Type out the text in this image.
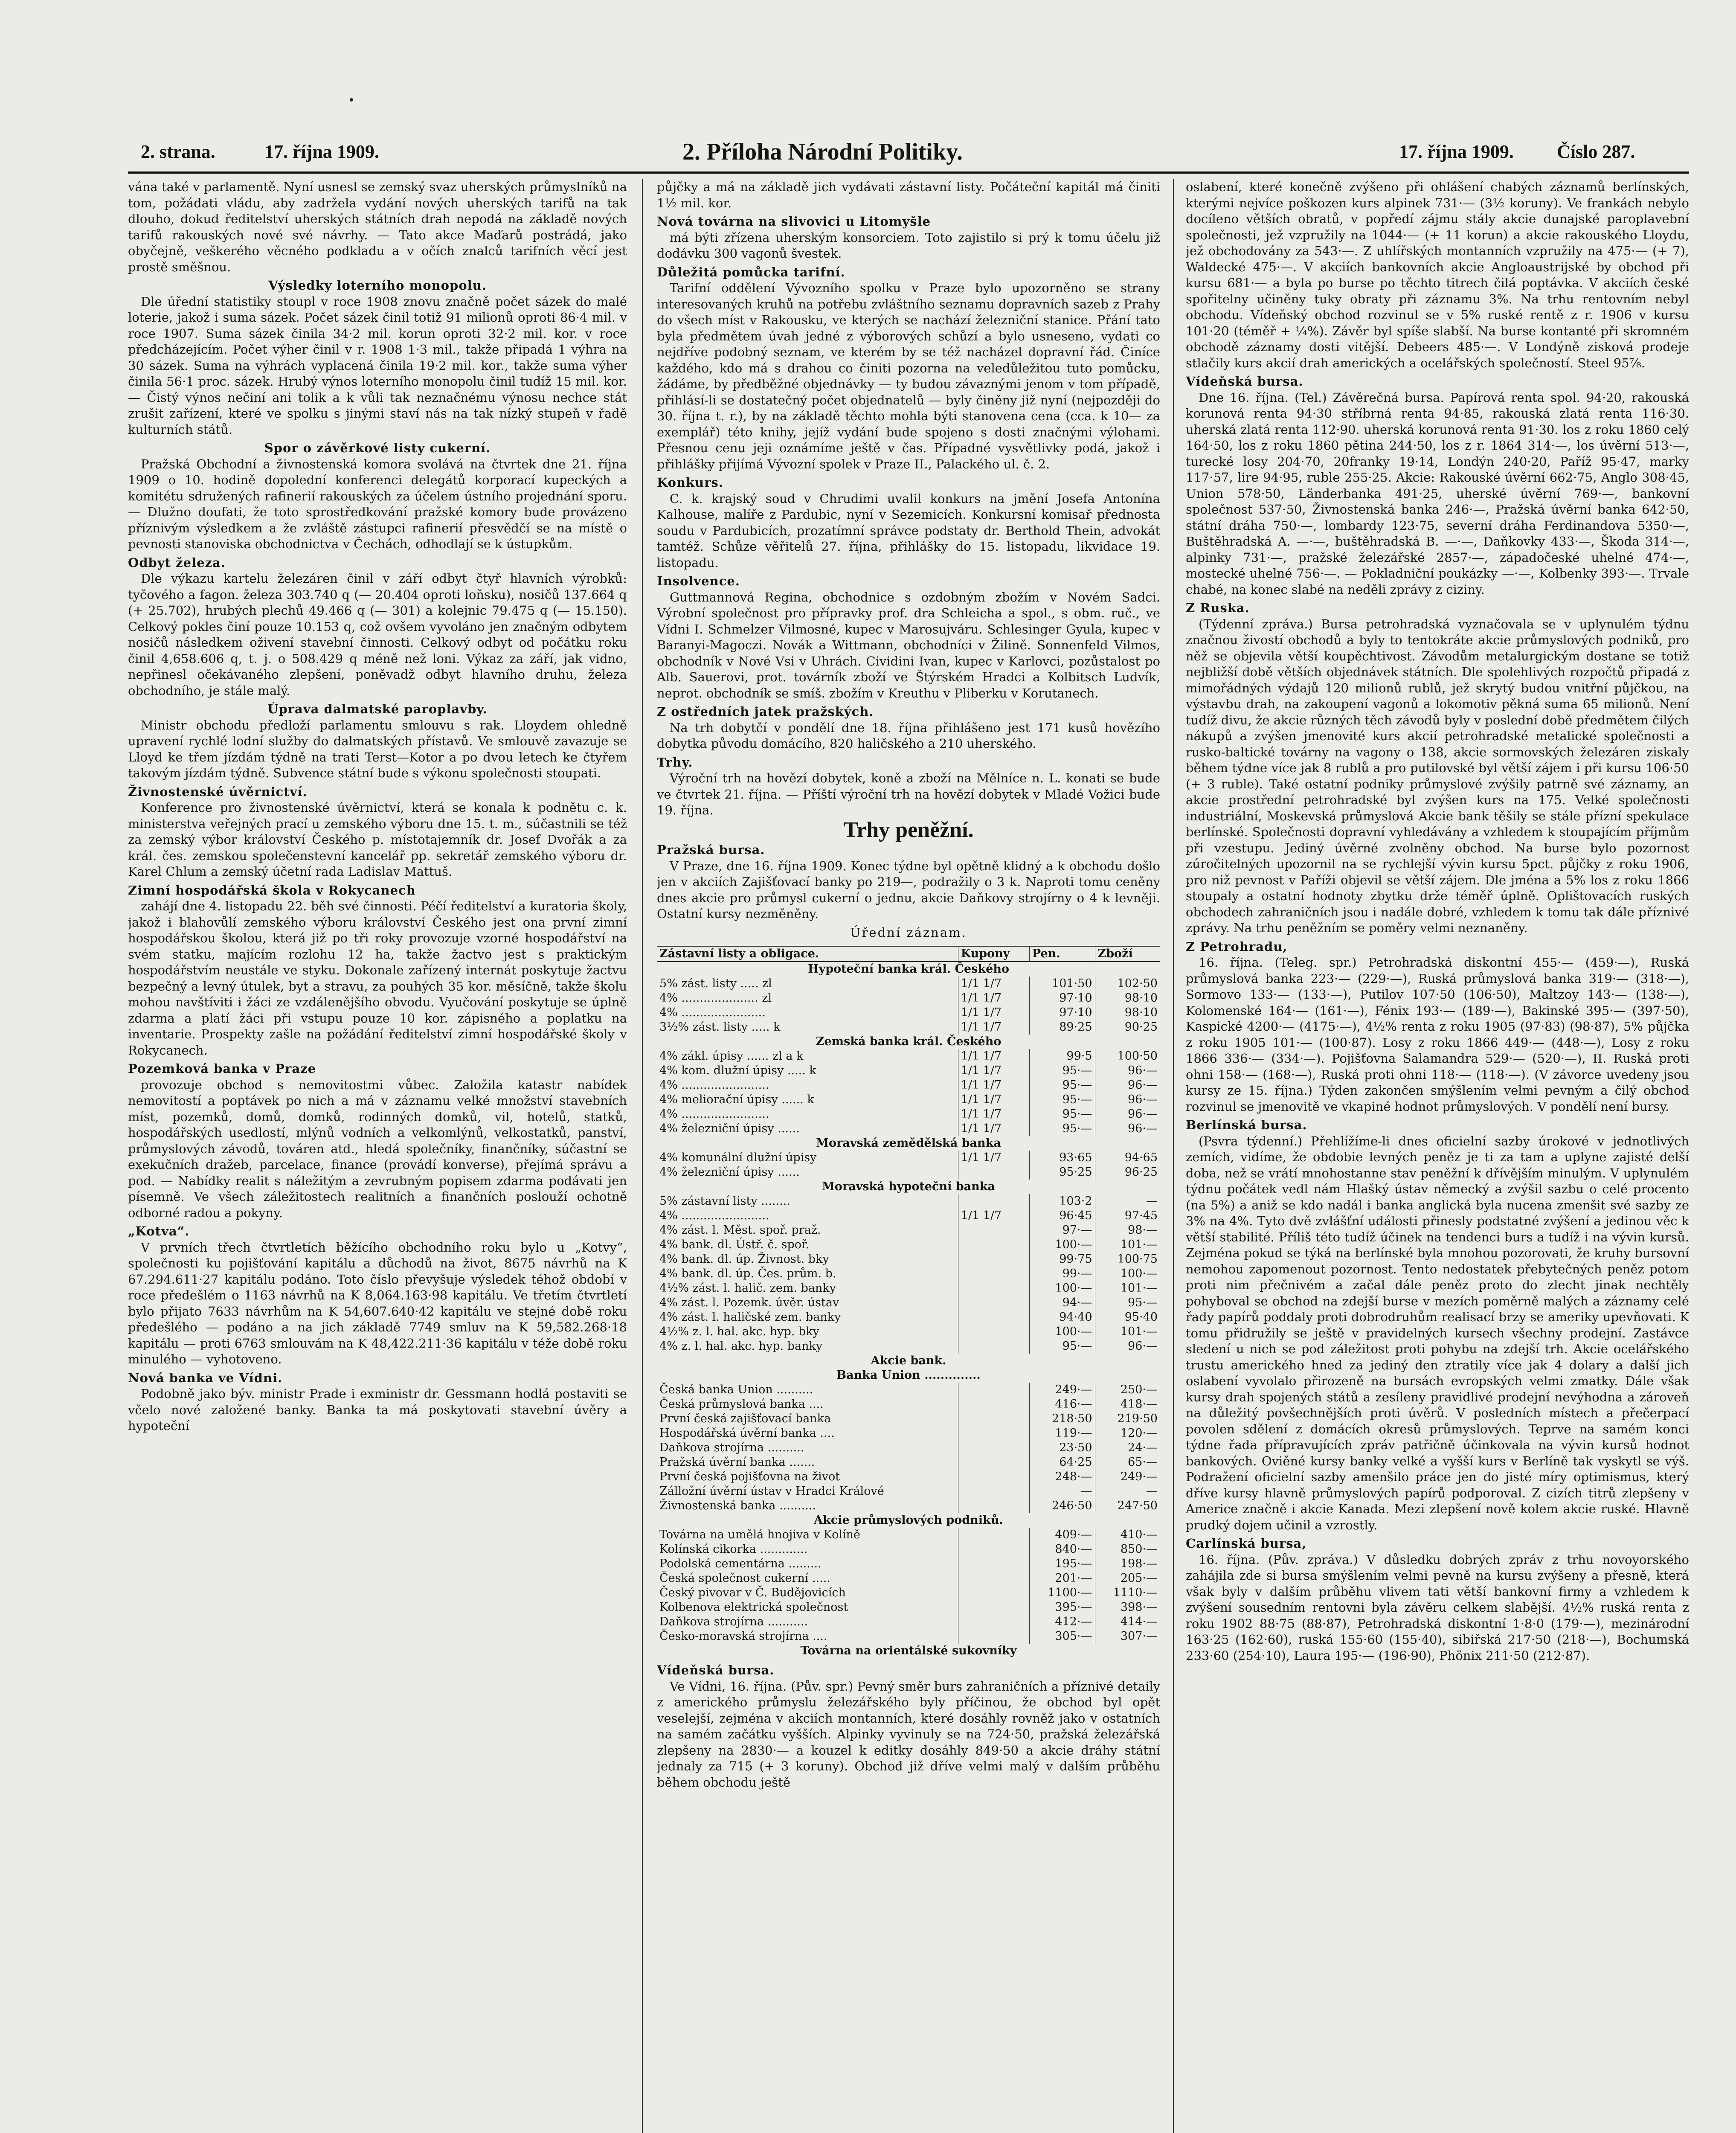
2. strana.	17. října 1909.	2. Příloha Národní Politiky.	17. října 1909. Číslo 287.

vána také v parlamentě. Nyní usnesl se zemský svaz uherských průmyslníků na tom, požádati vládu, aby zadržela vydání nových uherských tarifů na tak dlouho, dokud ředitelství uherských státních drah nepodá na základě nových tarifů rakouských nové své návrhy. — Tato akce Maďarů postrádá, jako obyčejně, veškerého věcného podkladu a v očích znalců tarifních věcí jest prostě směšnou.

Výsledky loterního monopolu.

Dle úřední statistiky stoupl v roce 1908 znovu značně počet sázek do malé loterie, jakož i suma sázek. Počet sázek činil totiž 91 milionů oproti 86·4 mil. v roce 1907. Suma sázek činila 34·2 mil. korun oproti 32·2 mil. kor. v roce předcházejícím. Počet výher činil v r. 1908 1·3 mil., takže připadá 1 výhra na 30 sázek. Suma na výhrách vyplacená činila 19·2 mil. kor., takže suma výher činila 56·1 proc. sázek. Hrubý výnos loterního monopolu činil tudíž 15 mil. kor. — Čistý výnos nečiní ani tolik a k vůli tak neznačnému výnosu nechce stát zrušit zařízení, které ve spolku s jinými staví nás na tak nízký stupeň v řadě kulturních států.

Spor o závěrkové listy cukerní.

Pražská Obchodní a živnostenská komora svolává na čtvrtek dne 21. října 1909 o 10. hodině dopolední konferenci delegátů korporací kupeckých a komitétu sdružených rafinerií rakouských za účelem ústního projednání sporu. — Dlužno doufati, že toto sprostředkování pražské komory bude provázeno příznivým výsledkem a že zvláště zástupci rafinerií přesvědčí se na místě o pevnosti stanoviska obchodnictva v Čechách, odhodlají se k ústupkům.

Odbyt železa.

Dle výkazu kartelu železáren činil v září odbyt čtyř hlavních výrobků: tyčového a fagon. železa 303.740 q (— 20.404 oproti loňsku), nosičů 137.664 q (+ 25.702), hrubých plechů 49.466 q (— 301) a kolejnic 79.475 q (— 15.150). Celkový pokles činí pouze 10.153 q, což ovšem vyvoláno jen značným odbytem nosičů následkem oživení stavební činnosti. Celkový odbyt od počátku roku činil 4,658.606 q, t. j. o 508.429 q méně než loni. Výkaz za září, jak vidno, nepřinesl očekávaného zlepšení, poněvadž odbyt hlavního druhu, železa obchodního, je stále malý.

Úprava dalmatské paroplavby.

Ministr obchodu předloží parlamentu smlouvu s rak. Lloydem ohledně upravení rychlé lodní služby do dalmatských přístavů. Ve smlouvě zavazuje se Lloyd ke třem jízdám týdně na trati Terst—Kotor a po dvou letech ke čtyřem takovým jízdám týdně. Subvence státní bude s výkonu společnosti stoupati.

Živnostenské úvěrnictví.

Konference pro živnostenské úvěrnictví, která se konala k podnětu c. k. ministerstva veřejných prací u zemského výboru dne 15. t. m., súčastnili se též za zemský výbor království Českého p. místotajemník dr. Josef Dvořák a za král. čes. zemskou společenstevní kancelář pp. sekretář zemského výboru dr. Karel Chlum a zemský účetní rada Ladislav Mattuš.

Zimní hospodářská škola v Rokycanech

zahájí dne 4. listopadu 22. běh své činnosti. Péčí ředitelství a kuratoria školy, jakož i blahovůlí zemského výboru království Českého jest ona první zimní hospodářskou školou, která již po tři roky provozuje vzorné hospodářství na svém statku, majícím rozlohu 12 ha, takže žactvo jest s praktickým hospodářstvím neustále ve styku. Dokonale zařízený internát poskytuje žactvu bezpečný a levný útulek, byt a stravu, za pouhých 35 kor. měsíčně, takže školu mohou navštíviti i žáci ze vzdálenějšího obvodu. Vyučování poskytuje se úplně zdarma a platí žáci při vstupu pouze 10 kor. zápisného a poplatku na inventarie. Prospekty zašle na požádání ředitelství zimní hospodářské školy v Rokycanech.

Pozemková banka v Praze

provozuje obchod s nemovitostmi vůbec. Založila katastr nabídek nemovitostí a poptávek po nich a má v záznamu velké množství stavebních míst, pozemků, domů, domků, rodinných domků, vil, hotelů, statků, hospodářských usedlostí, mlýnů vodních a velkomlýnů, velkostatků, panství, průmyslových závodů, továren atd., hledá společníky, finančníky, súčastní se exekučních dražeb, parcelace, finance (provádí konverse), přejímá správu a pod. — Nabídky realit s náležitým a zevrubným popisem zdarma podávati jen písemně. Ve všech záležitostech realitních a finančních poslouží ochotně odborné radou a pokyny.

„Kotva“.

V prvních třech čtvrtletích běžícího obchodního roku bylo u „Kotvy“, společnosti ku pojišťování kapitálu a důchodů na život, 8675 návrhů na K 67.294.611·27 kapitálu podáno. Toto číslo převyšuje výsledek téhož období v roce předešlém o 1163 návrhů na K 8,064.163·98 kapitálu. Ve třetím čtvrtletí bylo přijato 7633 návrhům na K 54,607.640·42 kapitálu ve stejné době roku předešlého — podáno a na jich základě 7749 smluv na K 59,582.268·18 kapitálu — proti 6763 smlouvám na K 48,422.211·36 kapitálu v téže době roku minulého — vyhotoveno.

Nová banka ve Vídni.

Podobně jako býv. ministr Prade i exministr dr. Gessmann hodlá postaviti se včelo nové založené banky. Banka ta má poskytovati stavební úvěry a hypoteční

půjčky a má na základě jich vydávati zástavní listy. Počáteční kapitál má činiti 1½ mil. kor.

Nová továrna na slivovici u Litomyšle

má býti zřízena uherským konsorciem. Toto zajistilo si prý k tomu účelu již dodávku 300 vagonů švestek.

Důležitá pomůcka tarifní.

Tarifní oddělení Vývozního spolku v Praze bylo upozorněno se strany interesovaných kruhů na potřebu zvláštního seznamu dopravních sazeb z Prahy do všech míst v Rakousku, ve kterých se nachází železniční stanice. Přání tato byla předmětem úvah jedné z výborových schůzí a bylo usneseno, vydati co nejdříve podobný seznam, ve kterém by se též nacházel dopravní řád. Činíce každého, kdo má s drahou co činiti pozorna na veledůležitou tuto pomůcku, žádáme, by předběžné objednávky — ty budou závaznými jenom v tom případě, přihlásí-li se dostatečný počet objednatelů — byly činěny již nyní (nejpozději do 30. října t. r.), by na základě těchto mohla býti stanovena cena (cca. k 10— za exemplář) této knihy, jejíž vydání bude spojeno s dosti značnými výlohami. Přesnou cenu jeji oznámíme ještě v čas. Případné vysvětlivky podá, jakož i přihlášky přijímá Vývozní spolek v Praze II., Palackého ul. č. 2.

Konkurs.

C. k. krajský soud v Chrudimi uvalil konkurs na jmění Josefa Antonína Kalhouse, malíře z Pardubic, nyní v Sezemicích. Konkursní komisař přednosta soudu v Pardubicích, prozatímní správce podstaty dr. Berthold Thein, advokát tamtéž. Schůze věřitelů 27. října, přihlášky do 15. listopadu, likvidace 19. listopadu.

Insolvence.

Guttmannová Regina, obchodnice s ozdobným zbožím v Novém Sadci. Výrobní společnost pro přípravky prof. dra Schleicha a spol., s obm. ruč., ve Vídni I. Schmelzer Vilmosné, kupec v Marosujváru. Schlesinger Gyula, kupec v Baranyi-Magoczi. Novák a Wittmann, obchodníci v Žilině. Sonnenfeld Vilmos, obchodník v Nové Vsi v Uhrách. Cividini Ivan, kupec v Karlovci, pozůstalost po Alb. Sauerovi, prot. továrník zboží ve Štýrském Hradci a Kolbitsch Ludvík, neprot. obchodník se smíš. zbožím v Kreuthu v Pliberku v Korutanech.

Z ostředních jatek pražských.

Na trh dobytčí v pondělí dne 18. října přihlášeno jest 171 kusů hovězího dobytka původu domácího, 820 haličského a 210 uherského.

Trhy.

Výroční trh na hovězí dobytek, koně a zboží na Mělníce n. L. konati se bude ve čtvrtek 21. října. — Příští výroční trh na hovězí dobytek v Mladé Vožici bude 19. října.

Trhy peněžní.
Pražská bursa.

V Praze, dne 16. října 1909. Konec týdne byl opětně klidný a k obchodu došlo jen v akciích Zajišťovací banky po 219—, podražily o 3 k. Naproti tomu ceněny dnes akcie pro průmysl cukerní o jednu, akcie Daňkovy strojírny o 4 k levněji. Ostatní kursy nezměněny.

Úřední záznam.
Zástavní listy a obligace.	Kupony	Pen.	Zboží
Hypoteční banka král. Českého			
5% zást. listy ..... zl	1/1 1/7	101·50	102·50
4% ..................... zl	1/1 1/7	97·10	98·10
4% .......................	1/1 1/7	97·10	98·10
3½% zást. listy ..... k	1/1 1/7	89·25	90·25
Zemská banka král. Českého			
4% zákl. úpisy ...... zl a k	1/1 1/7	99·5	100·50
4% kom. dlužní úpisy ..... k	1/1 1/7	95·—	96·—
4% ........................	1/1 1/7	95·—	96·—
4% meliorační úpisy ...... k	1/1 1/7	95·—	96·—
4% ........................	1/1 1/7	95·—	96·—
4% železniční úpisy ......	1/1 1/7	95·—	96·—
Moravská zemědělská banka			
4% komunální dlužní úpisy	1/1 1/7	93·65	94·65
4% železniční úpisy ......		95·25	96·25
Moravská hypoteční banka			
5% zástavní listy ........		103·2	—
4% ........................	1/1 1/7	96·45	97·45
4% zást. l. Měst. spoř. praž.		97·—	98·—
4% bank. dl. Ústř. č. spoř.		100·—	101·—
4% bank. dl. úp. Živnost. bky		99·75	100·75
4% bank. dl. úp. Čes. prům. b.		99·—	100·—
4½% zást. l. halič. zem. banky		100·—	101·—
4% zást. l. Pozemk. úvěr. ústav		94·—	95·—
4% zást. l. haličské zem. banky		94·40	95·40
4½% z. l. hal. akc. hyp. bky		100·—	101·—
4% z. l. hal. akc. hyp. banky		95·—	96·—
Akcie bank.			
Banka Union ..............			
Česká banka Union ..........		249·—	250·—
Česká průmyslová banka ....		416·—	418·—
První česká zajišťovací banka		218·50	219·50
Hospodářská úvěrní banka ....		119·—	120·—
Daňkova strojírna ..........		23·50	24·—
Pražská úvěrní banka .......		64·25	65·—
První česká pojišťovna na život		248·—	249·—
Zálložní úvěrní ústav v Hradci Králové		—	—
Živnostenská banka ..........		246·50	247·50
Akcie průmyslových podniků.			
Továrna na umělá hnojiva v Kolíně		409·—	410·—
Kolínská cikorka .............		840·—	850·—
Podolská cementárna .........		195·—	198·—
Česká společnost cukerní .....		201·—	205·—
Český pivovar v Č. Budějovicích		1100·—	1110·—
Kolbenova elektrická společnost		395·—	398·—
Daňkova strojírna ...........		412·—	414·—
Česko-moravská strojírna ....		305·—	307·—
Továrna na orientálské sukovníky			
Vídeňská bursa.

Ve Vídni, 16. října. (Pův. spr.) Pevný směr burs zahraničních a příznivé detaily z amerického průmyslu železářského byly příčinou, že obchod byl opět veselejší, zejména v akciích montanních, které dosáhly rovněž jako v ostatních na samém začátku vyšších. Alpinky vyvinuly se na 724·50, pražská železářská zlepšeny na 2830·— a kouzel k editky dosáhly 849·50 a akcie dráhy státní jednaly za 715 (+ 3 koruny). Obchod již dříve velmi malý v dalším průběhu během obchodu ještě

oslabení, které konečně zvýšeno při ohlášení chabých záznamů berlínských, kterými nejvíce poškozen kurs alpinek 731·— (3½ koruny). Ve frankách nebylo docíleno větších obratů, v popředí zájmu stály akcie dunajské paroplavební společnosti, jež vzpružily na 1044·— (+ 11 korun) a akcie rakouského Lloydu, jež obchodovány za 543·—. Z uhlířských montanních vzpružily na 475·— (+ 7), Waldecké 475·—. V akciích bankovních akcie Angloaustrijské by obchod při kursu 681·— a byla po burse po těchto titrech čilá poptávka. V akciích české spořitelny učiněny tuky obraty při záznamu 3%. Na trhu rentovním nebyl obchodu. Vídeňský obchod rozvinul se v 5% ruské rentě z r. 1906 v kursu 101·20 (téměř + ¼%). Závěr byl spíše slabší. Na burse kontanté při skromném obchodě záznamy dosti vitější. Debeers 485·—. V Londýně zisková prodeje stlačily kurs akcií drah amerických a ocelářských společností. Steel 95⅞.

Vídeňská bursa.

Dne 16. října. (Tel.) Závěrečná bursa. Papírová renta spol. 94·20, rakouská korunová renta 94·30 stříbrná renta 94·85, rakouská zlatá renta 116·30. uherská zlatá renta 112·90. uherská korunová renta 91·30. los z roku 1860 celý 164·50, los z roku 1860 pětina 244·50, los z r. 1864 314·—, los úvěrní 513·—, turecké losy 204·70, 20franky 19·14, Londýn 240·20, Paříž 95·47, marky 117·57, lire 94·95, ruble 255·25. Akcie: Rakouské úvěrní 662·75, Anglo 308·45, Union 578·50, Länderbanka 491·25, uherské úvěrní 769·—, bankovní společnost 537·50, Živnostenská banka 246·—, Pražská úvěrní banka 642·50, státní dráha 750·—, lombardy 123·75, severní dráha Ferdinandova 5350·—, Buštěhradská A. —·—, buštěhradská B. —·—, Daňkovky 433·—, Škoda 314·—, alpinky 731·—, pražské železářské 2857·—, západočeské uhelné 474·—, mostecké uhelné 756·—. — Pokladniční poukázky —·—, Kolbenky 393·—. Trvale chabé, na konec slabé na neděli zprávy z ciziny.

Z Ruska.

(Týdenní zpráva.) Bursa petrohradská vyznačovala se v uplynulém týdnu značnou živostí obchodů a byly to tentokráte akcie průmyslových podniků, pro něž se objevila větší koupěchtivost. Závodům metalurgickým dostane se totiž nejbližší době větších objednávek státních. Dle spolehlivých rozpočtů připadá z mimořádných výdajů 120 milionů rublů, jež skrytý budou vnitřní půjčkou, na výstavbu drah, na zakoupení vagonů a lokomotiv pěkná suma 65 milionů. Není tudíž divu, že akcie různých těch závodů byly v poslední době předmětem čilých nákupů a zvýšen jmenovité kurs akcií petrohradské metalické společnosti a rusko-baltické továrny na vagony o 138, akcie sormovských železáren ziskaly během týdne více jak 8 rublů a pro putilovské byl větší zájem i při kursu 106·50 (+ 3 ruble). Také ostatní podniky průmyslové zvýšily patrně své záznamy, an akcie prostřední petrohradské byl zvýšen kurs na 175. Velké společnosti industriální, Moskevská průmyslová Akcie bank těšily se stále přízní spekulace berlínské. Společnosti dopravní vyhledávány a vzhledem k stoupajícím příjmům při vzestupu. Jediný úvěrné zvolněny obchod. Na burse bylo pozornost zúročitelných upozornil na se rychlejší vývin kursu 5pct. půjčky z roku 1906, pro niž pevnost v Paříži objevil se větší zájem. Dle jména a 5% los z roku 1866 stoupaly a ostatní hodnoty zbytku drže téměř úplně. Oplištovacích ruských obchodech zahraničních jsou i nadále dobré, vzhledem k tomu tak dále příznivé zprávy. Na trhu peněžním se poměry velmi neznaněny.

Z Petrohradu,

16. října. (Teleg. spr.) Petrohradská diskontní 455·— (459·—), Ruská průmyslová banka 223·— (229·—), Ruská průmyslová banka 319·— (318·—), Sormovo 133·— (133·—), Putilov 107·50 (106·50), Maltzoy 143·— (138·—), Kolomenské 164·— (161·—), Fénix 193·— (189·—), Bakinské 395·— (397·50), Kaspické 4200·— (4175·—), 4½% renta z roku 1905 (97·83) (98·87), 5% půjčka z roku 1905 101·— (100·87). Losy z roku 1866 449·— (448·—), Losy z roku 1866 336·— (334·—). Pojišťovna Salamandra 529·— (520·—), II. Ruská proti ohni 158·— (168·—), Ruská proti ohni 118·— (118·—). (V závorce uvedeny jsou kursy ze 15. října.) Týden zakončen smýšlením velmi pevným a čilý obchod rozvinul se jmenovitě ve vkapiné hodnot průmyslových. V pondělí není bursy.

Berlínská bursa.

(Psvra týdenní.) Přehlížíme-li dnes oficielní sazby úrokové v jednotlivých zemích, vidíme, že obdobie levných peněz je ti za tam a uplyne zajisté delší doba, než se vrátí mnohostanne stav peněžní k dřívějším minulým. V uplynulém týdnu počátek vedl nám Hlašký ústav německý a zvýšil sazbu o celé procento (na 5%) a aniž se kdo nadál i banka anglická byla nucena zmenšit své sazby ze 3% na 4%. Tyto dvě zvlášťní události přinesly podstatné zvýšení a jedinou věc k větší stabilité. Příliš této tudíž účinek na tendenci burs a tudíž i na vývin kursů. Zejména pokud se týká na berlínské byla mnohou pozorovati, že kruhy bursovní nemohou zapomenout pozornost. Tento nedostatek přebytečných peněz potom proti nim přečnivém a začal dále peněz proto do zlecht jinak nechtěly pohyboval se obchod na zdejší burse v mezích poměrně malých a záznamy celé řady papírů poddaly proti dobrodruhům realisací brzy se ameriky upevňovati. K tomu přidružily se ještě v pravidelných kursech všechny prodejní. Zastávce sledení u nich se pod záležitost proti pohybu na zdejší trh. Akcie ocelářského trustu amerického hned za jediný den ztratily více jak 4 dolary a další jich oslabení vyvolalo přirozeně na bursách evropských velmi zmatky. Dále však kursy drah spojených států a zesíleny pravidlivé prodejní nevýhodna a zároveň na důležitý povšechnějších proti úvěrů. V posledních místech a přečerpací povolen sdělení z domácích okresů průmyslových. Teprve na samém konci týdne řada přípravujících zpráv patřičně účinkovala na vývin kursů hodnot bankových. Oviěné kursy banky velké a vyšší kurs v Berlíně tak vyskytl se výš. Podražení oficielní sazby amenšilo práce jen do jisté míry optimismus, který dříve kursy hlavně průmyslových papírů podporoval. Z cizích titrů zlepšeny v Americe značně i akcie Kanada. Mezi zlepšení nově kolem akcie ruské. Hlavně prudký dojem učinil a vzrostly.

Carlínská bursa,

16. října. (Pův. zpráva.) V důsledku dobrých zpráv z trhu novoyorského zahájila zde si bursa smýšlením velmi pevně na kursu zvýšeny a přesně, která však byly v dalším průběhu vlivem tati větší bankovní firmy a vzhledem k zvýšení sousedním rentovni byla závěru celkem slabější. 4½% ruská renta z roku 1902 88·75 (88·87), Petrohradská diskontní 1·8·0 (179·—), mezinárodní 163·25 (162·60), ruská 155·60 (155·40), sibiřská 217·50 (218·—), Bochumská 233·60 (254·10), Laura 195·— (196·90), Phönix 211·50 (212·87).
